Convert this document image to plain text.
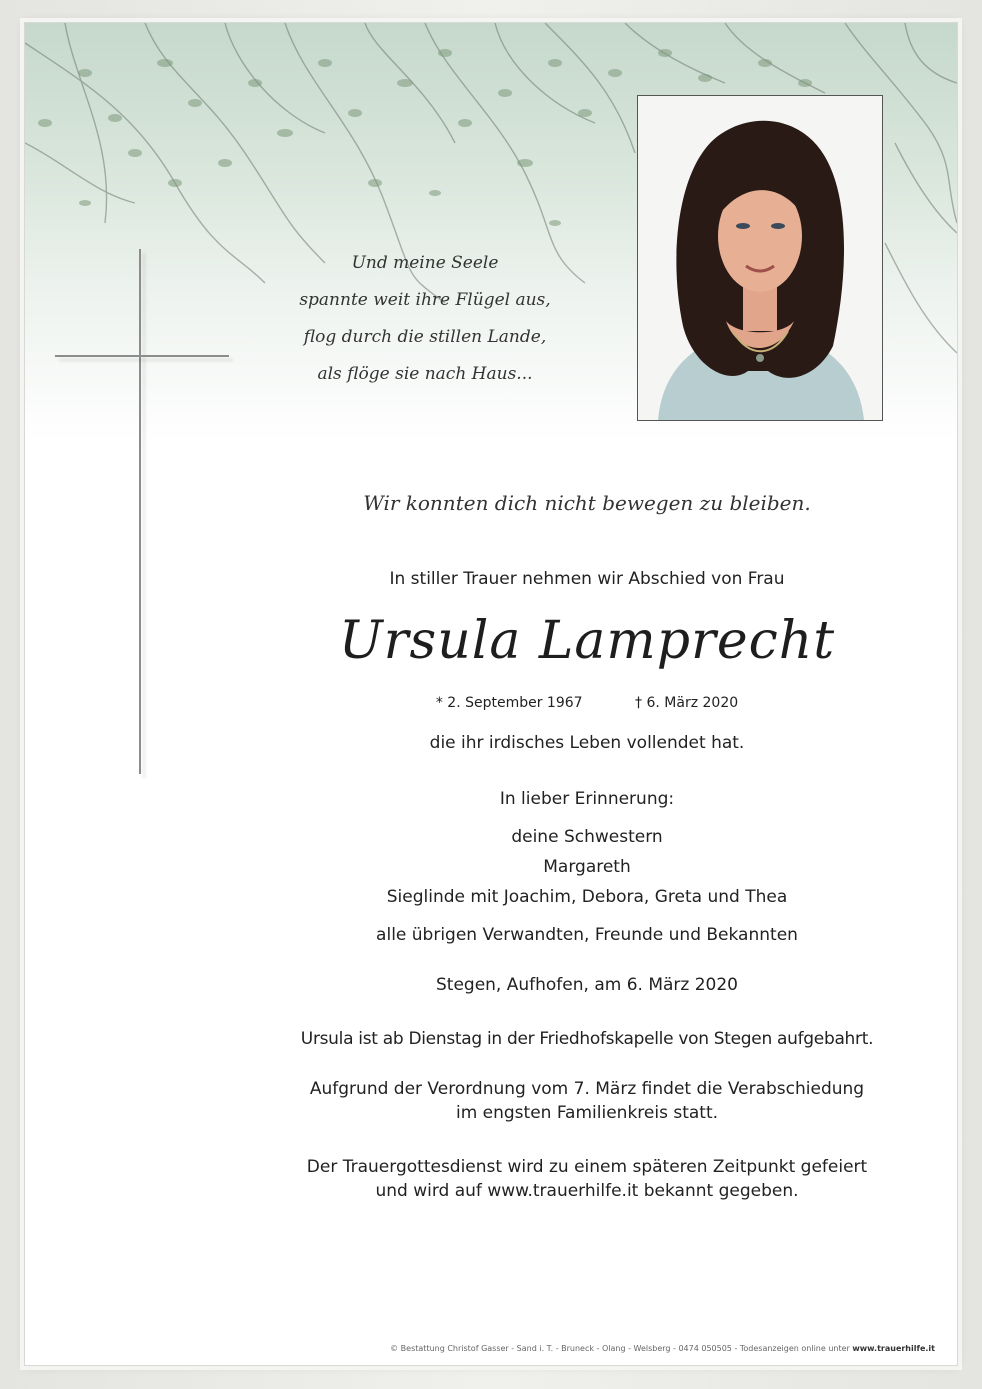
Und meine Seele
spannte weit ihre Flügel aus,
flog durch die stillen Lande,
als flöge sie nach Haus...
Wir konnten dich nicht bewegen zu bleiben.
In stiller Trauer nehmen wir Abschied von Frau
Ursula Lamprecht
* 2. September 1967	† 6. März 2020
die ihr irdisches Leben vollendet hat.
In lieber Erinnerung:
deine Schwestern
Margareth
Sieglinde mit Joachim, Debora, Greta und Thea
alle übrigen Verwandten, Freunde und Bekannten
Stegen, Aufhofen, am 6. März 2020
Ursula ist ab Dienstag in der Friedhofskapelle von Stegen aufgebahrt.
Aufgrund der Verordnung vom 7. März findet die Verabschiedung
im engsten Familienkreis statt.
Der Trauergottesdienst wird zu einem späteren Zeitpunkt gefeiert
und wird auf www.trauerhilfe.it bekannt gegeben.
© Bestattung Christof Gasser - Sand i. T. - Bruneck - Olang - Welsberg - 0474 050505 - Todesanzeigen online unter www.trauerhilfe.it
